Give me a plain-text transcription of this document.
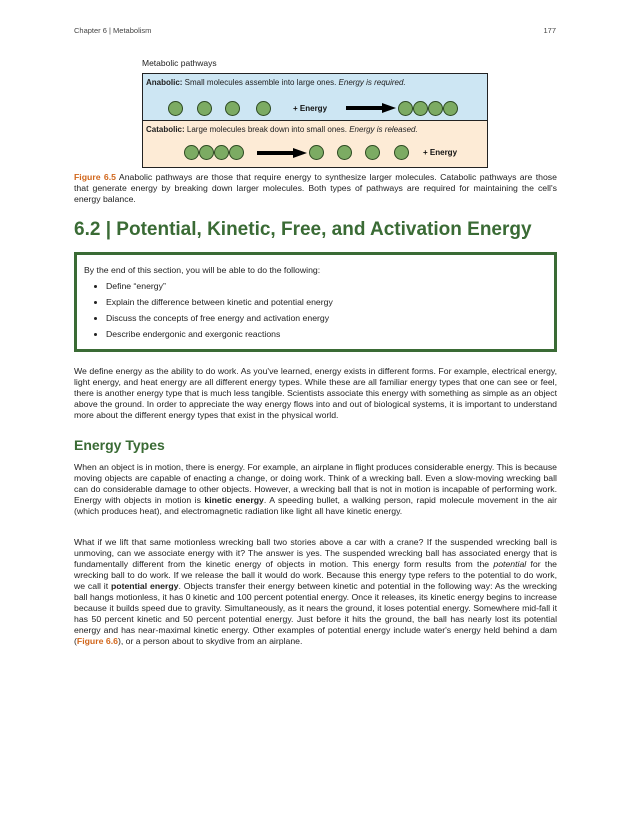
Chapter 6 | Metabolism	177
Metabolic pathways
Anabolic: Small molecules assemble into large ones. Energy is required.
+ Energy
Catabolic: Large molecules break down into small ones. Energy is released.
+ Energy
Figure 6.5 Anabolic pathways are those that require energy to synthesize larger molecules. Catabolic pathways are those that generate energy by breaking down larger molecules. Both types of pathways are required for maintaining the cell's energy balance.
6.2 | Potential, Kinetic, Free, and Activation Energy
By the end of this section, you will be able to do the following:
• Define “energy”
• Explain the difference between kinetic and potential energy
• Discuss the concepts of free energy and activation energy
• Describe endergonic and exergonic reactions
We define energy as the ability to do work. As you've learned, energy exists in different forms. For example, electrical energy, light energy, and heat energy are all different energy types. While these are all familiar energy types that one can see or feel, there is another energy type that is much less tangible. Scientists associate this energy with something as simple as an object above the ground. In order to appreciate the way energy flows into and out of biological systems, it is important to understand more about the different energy types that exist in the physical world.
Energy Types
When an object is in motion, there is energy. For example, an airplane in flight produces considerable energy. This is because moving objects are capable of enacting a change, or doing work. Think of a wrecking ball. Even a slow-moving wrecking ball can do considerable damage to other objects. However, a wrecking ball that is not in motion is incapable of performing work. Energy with objects in motion is kinetic energy. A speeding bullet, a walking person, rapid molecule movement in the air (which produces heat), and electromagnetic radiation like light all have kinetic energy.
What if we lift that same motionless wrecking ball two stories above a car with a crane? If the suspended wrecking ball is unmoving, can we associate energy with it? The answer is yes. The suspended wrecking ball has associated energy that is fundamentally different from the kinetic energy of objects in motion. This energy form results from the potential for the wrecking ball to do work. If we release the ball it would do work. Because this energy type refers to the potential to do work, we call it potential energy. Objects transfer their energy between kinetic and potential in the following way: As the wrecking ball hangs motionless, it has 0 kinetic and 100 percent potential energy. Once it releases, its kinetic energy begins to increase because it builds speed due to gravity. Simultaneously, as it nears the ground, it loses potential energy. Somewhere mid-fall it has 50 percent kinetic and 50 percent potential energy. Just before it hits the ground, the ball has nearly lost its potential energy and has near-maximal kinetic energy. Other examples of potential energy include water's energy held behind a dam (Figure 6.6), or a person about to skydive from an airplane.
